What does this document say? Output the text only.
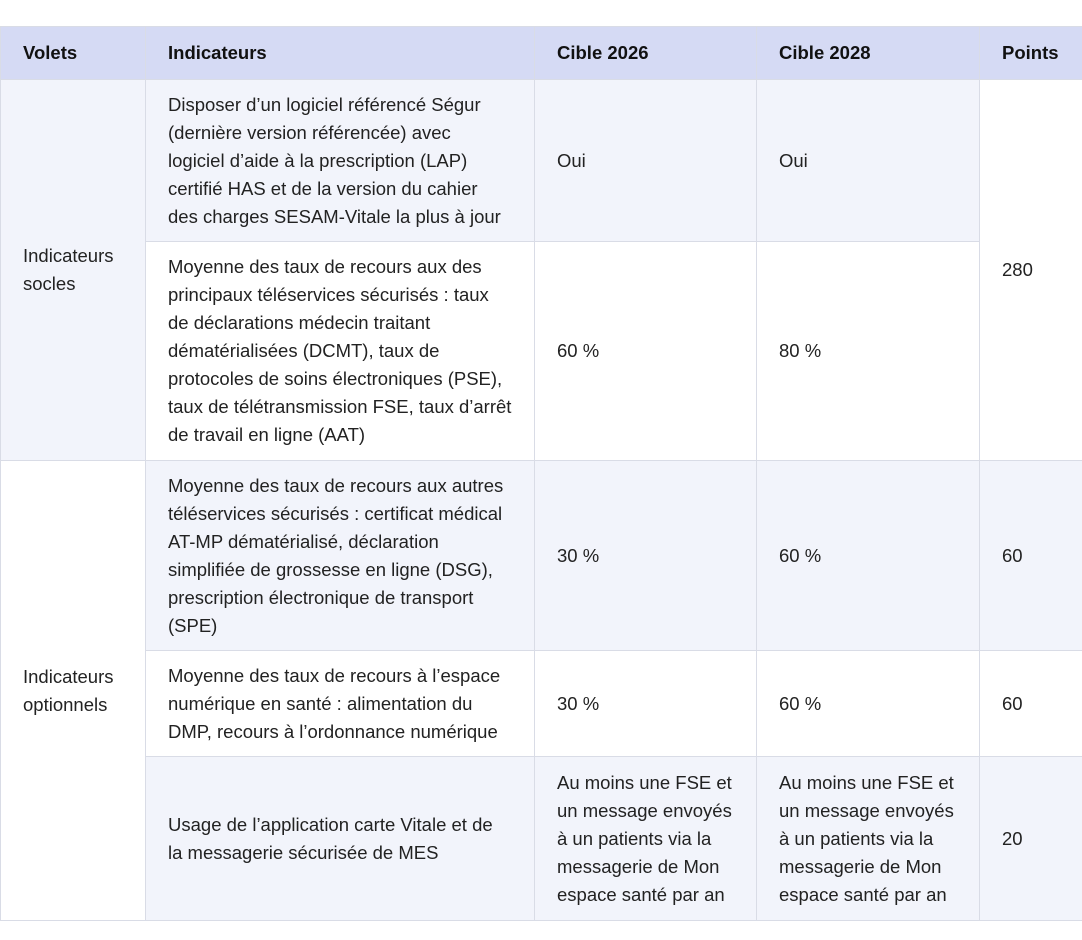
Volets	Indicateurs	Cible 2026	Cible 2028	Points

Indicateurs socles	Disposer d’un logiciel référencé Ségur (dernière version référencée) avec logiciel d’aide à la prescription (LAP) certifié HAS et de la version du cahier des charges SESAM-Vitale la plus à jour	Oui	Oui	280
	Moyenne des taux de recours aux des principaux téléservices sécurisés : taux de déclarations médecin traitant dématérialisées (DCMT), taux de protocoles de soins électroniques (PSE), taux de télétransmission FSE, taux d’arrêt de travail en ligne (AAT)	60 %	80 %	

Indicateurs optionnels	Moyenne des taux de recours aux autres téléservices sécurisés : certificat médical AT-MP dématérialisé, déclaration simplifiée de grossesse en ligne (DSG), prescription électronique de transport (SPE)	30 %	60 %	60
	Moyenne des taux de recours à l’espace numérique en santé : alimentation du DMP, recours à l’ordonnance numérique	30 %	60 %	60
	Usage de l’application carte Vitale et de la messagerie sécurisée de MES	Au moins une FSE et un message envoyés à un patients via la messagerie de Mon espace santé par an	Au moins une FSE et un message envoyés à un patients via la messagerie de Mon espace santé par an	20
